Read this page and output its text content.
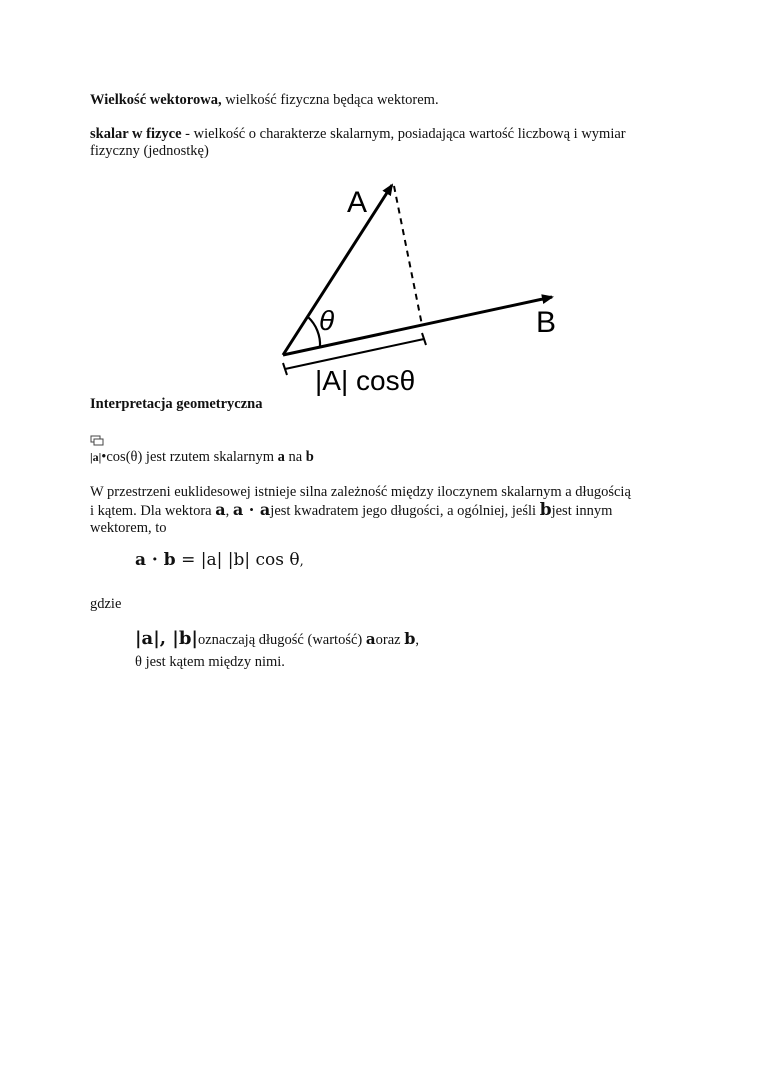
Wielkość wektorowa, wielkość fizyczna będąca wektorem.
skalar w fizyce - wielkość o charakterze skalarnym, posiadająca wartość liczbową i wymiar
fizyczny (jednostkę)
A
B
θ
|A| cosθ
Interpretacja geometryczna
|a|•cos(θ) jest rzutem skalarnym a na b
W przestrzeni euklidesowej istnieje silna zależność między iloczynem skalarnym a długością
i kątem. Dla wektora a, a · ajest kwadratem jego długości, a ogólniej, jeśli bjest innym
wektorem, to
a · b = |a| |b| cos θ,
gdzie
|a|, |b|oznaczają długość (wartość) aoraz b,
θ jest kątem między nimi.
